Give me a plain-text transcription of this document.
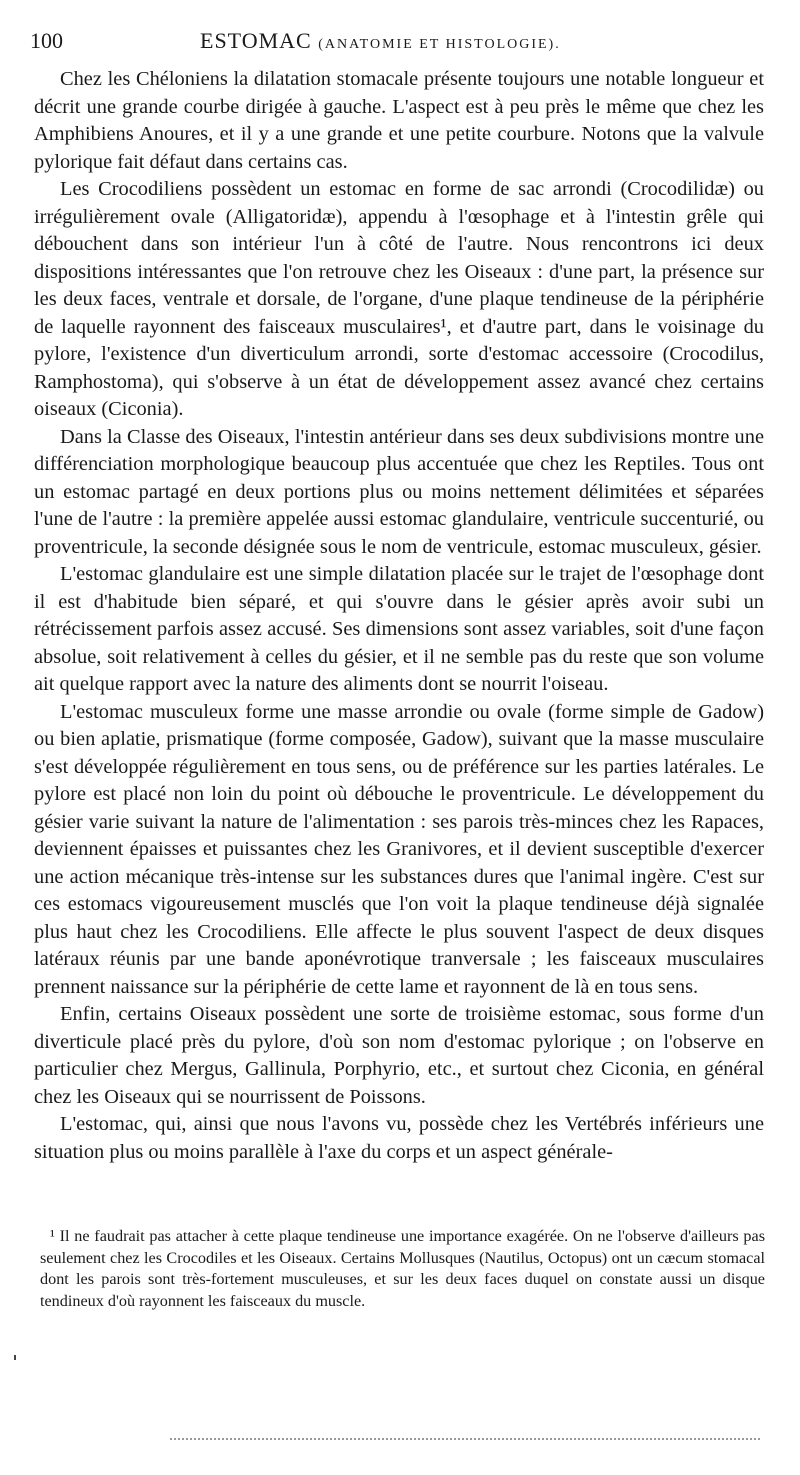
100	ESTOMAC (ANATOMIE ET HISTOLOGIE).

Chez les Chéloniens la dilatation stomacale présente toujours une notable longueur et décrit une grande courbe dirigée à gauche. L'aspect est à peu près le même que chez les Amphibiens Anoures, et il y a une grande et une petite courbure. Notons que la valvule pylorique fait défaut dans certains cas.

Les Crocodiliens possèdent un estomac en forme de sac arrondi (Crocodilidæ) ou irrégulièrement ovale (Alligatoridæ), appendu à l'œsophage et à l'intestin grêle qui débouchent dans son intérieur l'un à côté de l'autre. Nous rencontrons ici deux dispositions intéressantes que l'on retrouve chez les Oiseaux : d'une part, la présence sur les deux faces, ventrale et dorsale, de l'organe, d'une plaque tendineuse de la périphérie de laquelle rayonnent des faisceaux musculaires¹, et d'autre part, dans le voisinage du pylore, l'existence d'un diverticulum arrondi, sorte d'estomac accessoire (Crocodilus, Ramphostoma), qui s'observe à un état de développement assez avancé chez certains oiseaux (Ciconia).

Dans la Classe des Oiseaux, l'intestin antérieur dans ses deux subdivisions montre une différenciation morphologique beaucoup plus accentuée que chez les Reptiles. Tous ont un estomac partagé en deux portions plus ou moins nettement délimitées et séparées l'une de l'autre : la première appelée aussi estomac glandulaire, ventricule succenturié, ou proventricule, la seconde désignée sous le nom de ventricule, estomac musculeux, gésier.

L'estomac glandulaire est une simple dilatation placée sur le trajet de l'œsophage dont il est d'habitude bien séparé, et qui s'ouvre dans le gésier après avoir subi un rétrécissement parfois assez accusé. Ses dimensions sont assez variables, soit d'une façon absolue, soit relativement à celles du gésier, et il ne semble pas du reste que son volume ait quelque rapport avec la nature des aliments dont se nourrit l'oiseau.

L'estomac musculeux forme une masse arrondie ou ovale (forme simple de Gadow) ou bien aplatie, prismatique (forme composée, Gadow), suivant que la masse musculaire s'est développée régulièrement en tous sens, ou de préférence sur les parties latérales. Le pylore est placé non loin du point où débouche le proventricule. Le développement du gésier varie suivant la nature de l'alimentation : ses parois très-minces chez les Rapaces, deviennent épaisses et puissantes chez les Granivores, et il devient susceptible d'exercer une action mécanique très-intense sur les substances dures que l'animal ingère. C'est sur ces estomacs vigoureusement musclés que l'on voit la plaque tendineuse déjà signalée plus haut chez les Crocodiliens. Elle affecte le plus souvent l'aspect de deux disques latéraux réunis par une bande aponévrotique tranversale ; les faisceaux musculaires prennent naissance sur la périphérie de cette lame et rayonnent de là en tous sens.

Enfin, certains Oiseaux possèdent une sorte de troisième estomac, sous forme d'un diverticule placé près du pylore, d'où son nom d'estomac pylorique ; on l'observe en particulier chez Mergus, Gallinula, Porphyrio, etc., et surtout chez Ciconia, en général chez les Oiseaux qui se nourrissent de Poissons.

L'estomac, qui, ainsi que nous l'avons vu, possède chez les Vertébrés inférieurs une situation plus ou moins parallèle à l'axe du corps et un aspect générale-

¹ Il ne faudrait pas attacher à cette plaque tendineuse une importance exagérée. On ne l'observe d'ailleurs pas seulement chez les Crocodiles et les Oiseaux. Certains Mollusques (Nautilus, Octopus) ont un cæcum stomacal dont les parois sont très-fortement musculeuses, et sur les deux faces duquel on constate aussi un disque tendineux d'où rayonnent les faisceaux du muscle.
